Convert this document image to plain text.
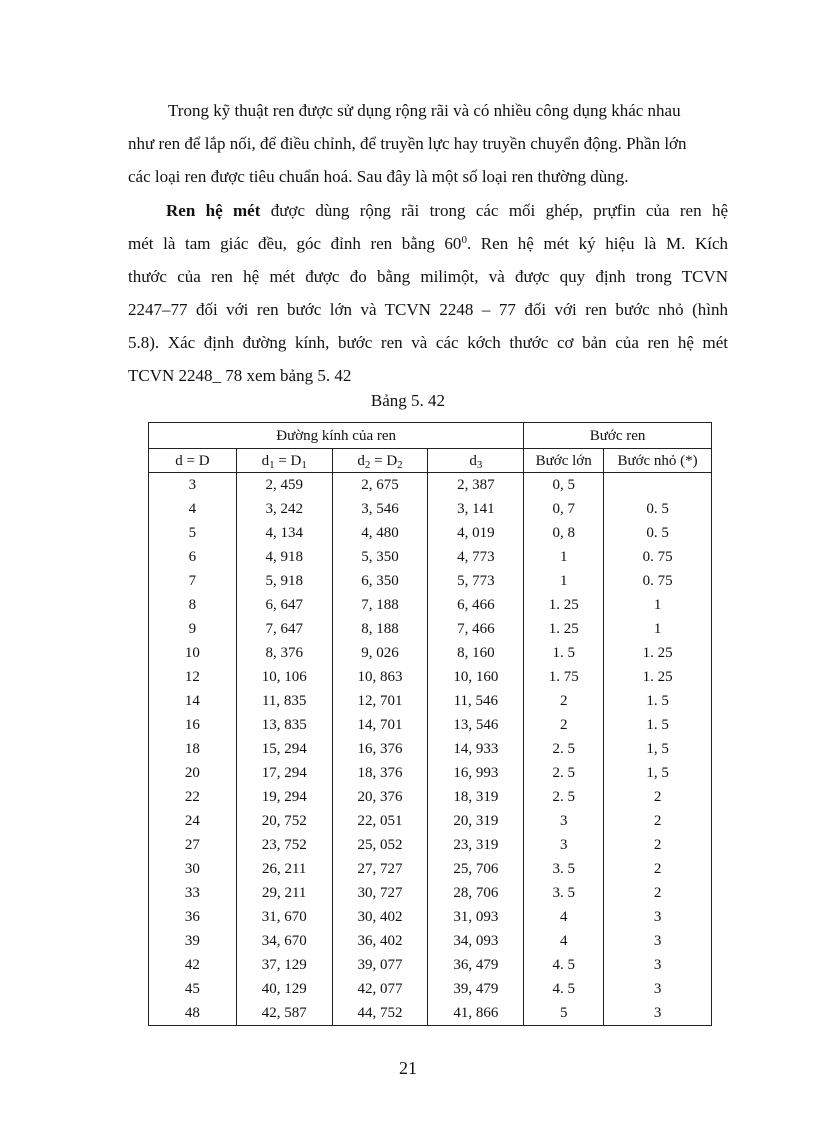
Trong kỹ thuật ren được sử dụng rộng rãi và có nhiều công dụng khác nhau
như ren để lắp nối, để điều chỉnh, để truyền lực hay truyền chuyển động. Phần lớn
các loại ren được tiêu chuẩn hoá. Sau đây là một số loại ren thường dùng.
Ren hệ mét được dùng rộng rãi trong các mối ghép, prựfin của ren hệ
mét là tam giác đều, góc đỉnh ren bằng $60^0$. Ren hệ mét ký hiệu là M. Kích
thước của ren hệ mét được đo bằng milimột, và được quy định trong TCVN
2247–77 đối với ren bước lớn và TCVN 2248 – 77 đối với ren bước nhỏ (hình
5.8). Xác định đường kính, bước ren và các kớch thước cơ bản của ren hệ mét
TCVN 2248_ 78 xem bảng 5. 42
Bảng 5. 42
Đường kính của ren				Bước ren	
d = D	$d_1 = D_1$	$d_2 = D_2$	$d_3$	Bước lớn	Bước nhỏ (*)
3	2, 459	2, 675	2, 387	0, 5	
4	3, 242	3, 546	3, 141	0, 7	0. 5
5	4, 134	4, 480	4, 019	0, 8	0. 5
6	4, 918	5, 350	4, 773	1	0. 75
7	5, 918	6, 350	5, 773	1	0. 75
8	6, 647	7, 188	6, 466	1. 25	1
9	7, 647	8, 188	7, 466	1. 25	1
10	8, 376	9, 026	8, 160	1. 5	1. 25
12	10, 106	10, 863	10, 160	1. 75	1. 25
14	11, 835	12, 701	11, 546	2	1. 5
16	13, 835	14, 701	13, 546	2	1. 5
18	15, 294	16, 376	14, 933	2. 5	1, 5
20	17, 294	18, 376	16, 993	2. 5	1, 5
22	19, 294	20, 376	18, 319	2. 5	2
24	20, 752	22, 051	20, 319	3	2
27	23, 752	25, 052	23, 319	3	2
30	26, 211	27, 727	25, 706	3. 5	2
33	29, 211	30, 727	28, 706	3. 5	2
36	31, 670	30, 402	31, 093	4	3
39	34, 670	36, 402	34, 093	4	3
42	37, 129	39, 077	36, 479	4. 5	3
45	40, 129	42, 077	39, 479	4. 5	3
48	42, 587	44, 752	41, 866	5	3
21
